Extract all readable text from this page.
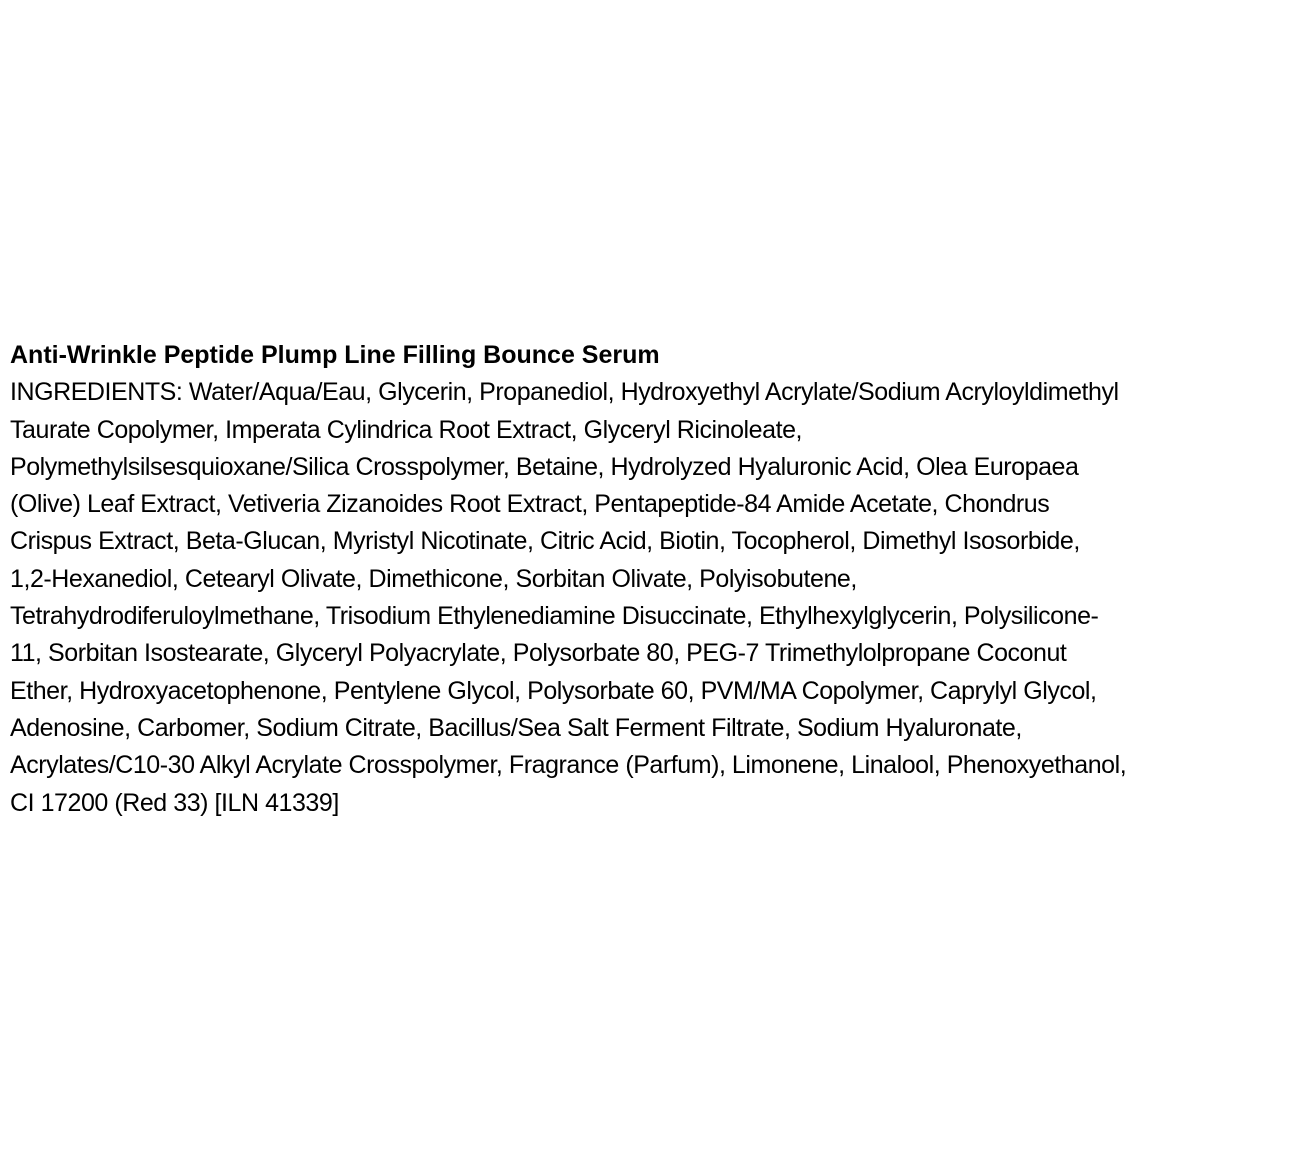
Anti-Wrinkle Peptide Plump Line Filling Bounce Serum

INGREDIENTS: Water/Aqua/Eau, Glycerin, Propanediol, Hydroxyethyl Acrylate/Sodium Acryloyldimethyl

Taurate Copolymer, Imperata Cylindrica Root Extract, Glyceryl Ricinoleate,

Polymethylsilsesquioxane/Silica Crosspolymer, Betaine, Hydrolyzed Hyaluronic Acid, Olea Europaea

(Olive) Leaf Extract, Vetiveria Zizanoides Root Extract, Pentapeptide-84 Amide Acetate, Chondrus

Crispus Extract, Beta-Glucan, Myristyl Nicotinate, Citric Acid, Biotin, Tocopherol, Dimethyl Isosorbide,

1,2-Hexanediol, Cetearyl Olivate, Dimethicone, Sorbitan Olivate, Polyisobutene,

Tetrahydrodiferuloylmethane, Trisodium Ethylenediamine Disuccinate, Ethylhexylglycerin, Polysilicone-

11, Sorbitan Isostearate, Glyceryl Polyacrylate, Polysorbate 80, PEG-7 Trimethylolpropane Coconut

Ether, Hydroxyacetophenone, Pentylene Glycol, Polysorbate 60, PVM/MA Copolymer, Caprylyl Glycol,

Adenosine, Carbomer, Sodium Citrate, Bacillus/Sea Salt Ferment Filtrate, Sodium Hyaluronate,

Acrylates/C10-30 Alkyl Acrylate Crosspolymer, Fragrance (Parfum), Limonene, Linalool, Phenoxyethanol,

CI 17200 (Red 33) [ILN 41339]
